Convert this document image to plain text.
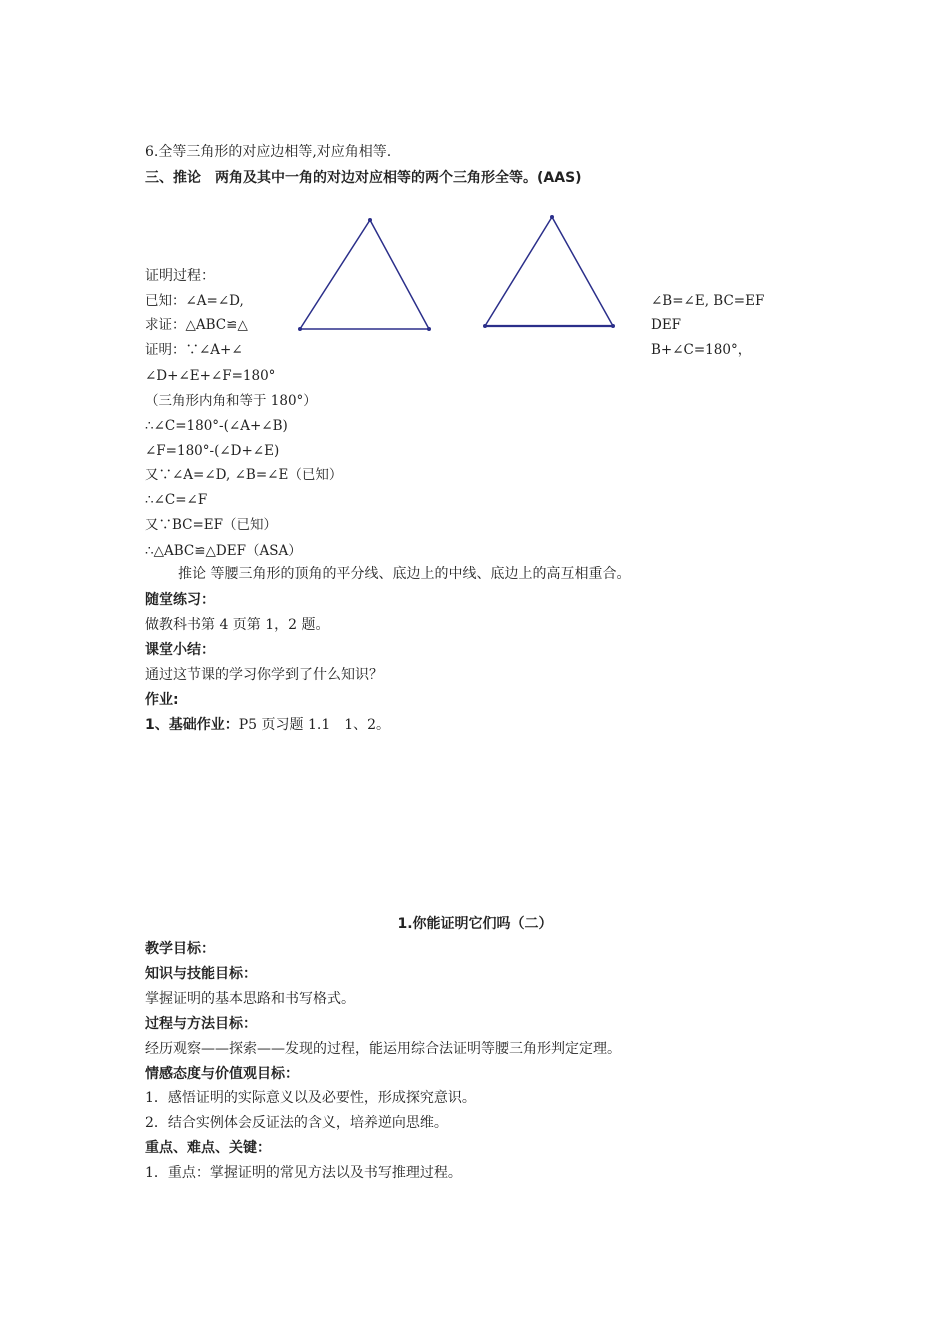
6.全等三角形的对应边相等,对应角相等.
三、推论　两角及其中一角的对边对应相等的两个三角形全等。(AAS)
证明过程：
已知：∠A=∠D,	∠B=∠E, BC=EF
求证：△ABC≌△	DEF
证明：∵∠A+∠	B+∠C=180°，
∠D+∠E+∠F=180°
（三角形内角和等于 180°）
∴∠C=180°-(∠A+∠B)
∠F=180°-(∠D+∠E)
又∵∠A=∠D, ∠B=∠E（已知）
∴∠C=∠F
又∵BC=EF（已知）
∴△ABC≌△DEF（ASA）
推论 等腰三角形的顶角的平分线、底边上的中线、底边上的高互相重合。
随堂练习：
做教科书第 4 页第 1，2 题。
课堂小结：
通过这节课的学习你学到了什么知识？
作业:
1、基础作业：P5 页习题 1.1　1、2。
1.你能证明它们吗（二）
教学目标：
知识与技能目标：
掌握证明的基本思路和书写格式。
过程与方法目标：
经历观察——探索——发现的过程，能运用综合法证明等腰三角形判定定理。
情感态度与价值观目标：
1．感悟证明的实际意义以及必要性，形成探究意识。
2．结合实例体会反证法的含义，培养逆向思维。
重点、难点、关键：
1．重点：掌握证明的常见方法以及书写推理过程。
